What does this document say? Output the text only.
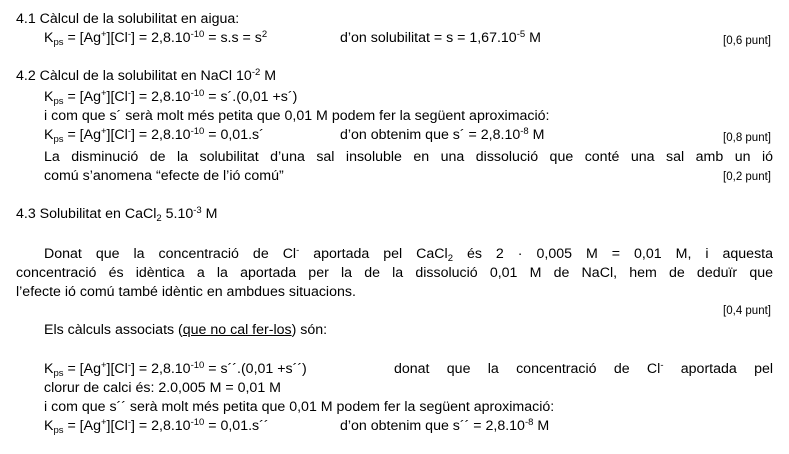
4.1 Càlcul de la solubilitat en aigua:
$K_{ps} = [Ag^+][Cl^-] = 2,8.10^{-10} = s.s = s^2$	d’on solubilitat = $s = 1,67.10^{-5}$ M	[0,6 punt]
4.2 Càlcul de la solubilitat en NaCl $10^{-2}$ M
$K_{ps} = [Ag^+][Cl^-] = 2,8.10^{-10}$ = s´.(0,01 +s´)
i com que s´ serà molt més petita que 0,01 M podem fer la següent aproximació:
$K_{ps} = [Ag^+][Cl^-] = 2,8.10^{-10}$ = 0,01.s´	d’on obtenim que s´ = $2,8.10^{-8}$ M	[0,8 punt]
La disminució de la solubilitat d’una sal insoluble en una dissolució que conté una sal amb un ió
comú s’anomena “efecte de l’ió comú”	[0,2 punt]
4.3 Solubilitat en CaCl$_2$ $5.10^{-3}$ M
Donat que la concentració de Cl- aportada pel CaCl$_2$ és 2 · 0,005 M = 0,01 M, i aquesta
concentració és idèntica a la aportada per la de la dissolució 0,01 M de NaCl, hem de deduïr que
l’efecte ió comú també idèntic en ambdues situacions.
[0,4 punt]
Els càlculs associats (que no cal fer-los) són:
$K_{ps} = [Ag^+][Cl^-] = 2,8.10^{-10}$ = s´´.(0,01 +s´´)	donat que la concentració de Cl- aportada pel
clorur de calci és: 2.0,005 M = 0,01 M
i com que s´´ serà molt més petita que 0,01 M podem fer la següent aproximació:
$K_{ps} = [Ag^+][Cl^-] = 2,8.10^{-10}$ = 0,01.s´´	d’on obtenim que s´´ = $2,8.10^{-8}$ M
